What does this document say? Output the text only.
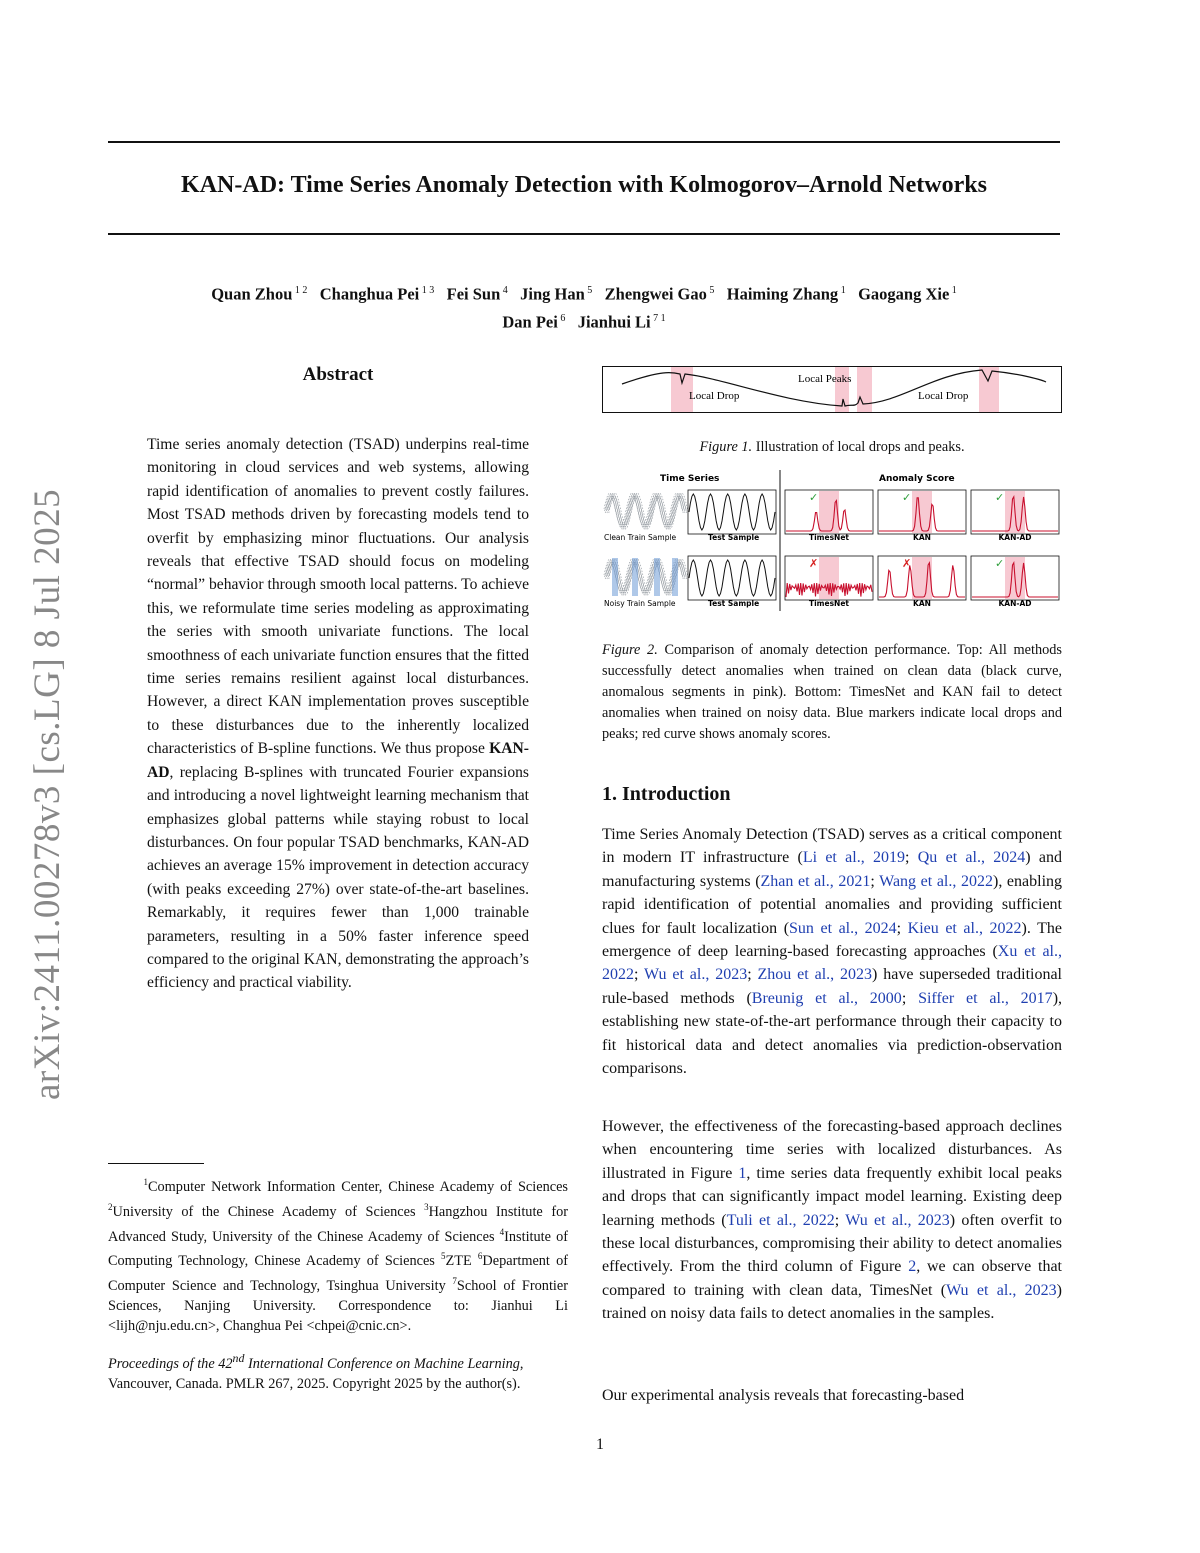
arXiv:2411.00278v3 [cs.LG] 8 Jul 2025
KAN-AD: Time Series Anomaly Detection with Kolmogorov–Arnold Networks
Quan Zhou $^{1 2}$ Changhua Pei $^{1 3}$ Fei Sun $^4$ Jing Han $^5$ Zhengwei Gao $^5$ Haiming Zhang $^1$ Gaogang Xie $^1$
Dan Pei $^6$ Jianhui Li $^{7 1}$
Abstract
Time series anomaly detection (TSAD) underpins real-time monitoring in cloud services and web systems, allowing rapid identification of anomalies to prevent costly failures. Most TSAD methods driven by forecasting models tend to overfit by emphasizing minor fluctuations. Our analysis reveals that effective TSAD should focus on modeling “normal” behavior through smooth local patterns. To achieve this, we reformulate time series modeling as approximating the series with smooth univariate functions. The local smoothness of each univariate function ensures that the fitted time series remains resilient against local disturbances. However, a direct KAN implementation proves susceptible to these disturbances due to the inherently localized characteristics of B-spline functions. We thus propose KAN-AD, replacing B-splines with truncated Fourier expansions and introducing a novel lightweight learning mechanism that emphasizes global patterns while staying robust to local disturbances. On four popular TSAD benchmarks, KAN-AD achieves an average 15% improvement in detection accuracy (with peaks exceeding 27%) over state-of-the-art baselines. Remarkably, it requires fewer than 1,000 trainable parameters, resulting in a 50% faster inference speed compared to the original KAN, demonstrating the approach’s efficiency and practical viability.
$^1$Computer Network Information Center, Chinese Academy of Sciences $^2$University of the Chinese Academy of Sciences $^3$Hangzhou Institute for Advanced Study, University of the Chinese Academy of Sciences $^4$Institute of Computing Technology, Chinese Academy of Sciences $^5$ZTE $^6$Department of Computer Science and Technology, Tsinghua University $^7$School of Frontier Sciences, Nanjing University. Correspondence to: Jianhui Li <lijh@nju.edu.cn>, Changhua Pei <chpei@cnic.cn>.
Proceedings of the 42nd International Conference on Machine Learning, Vancouver, Canada. PMLR 267, 2025. Copyright 2025 by the author(s).
Local Peaks
Local Drop	Local Drop
Figure 1. Illustration of local drops and peaks.
Time Series	Anomaly Score
Clean Train Sample	Test Sample
✓
TimesNet
✓
KAN
✓
KAN-AD
Noisy Train Sample	Test Sample
✗
TimesNet
✗
KAN
✓
KAN-AD
Figure 2. Comparison of anomaly detection performance. Top: All methods successfully detect anomalies when trained on clean data (black curve, anomalous segments in pink). Bottom: TimesNet and KAN fail to detect anomalies when trained on noisy data. Blue markers indicate local drops and peaks; red curve shows anomaly scores.
1. Introduction
Time Series Anomaly Detection (TSAD) serves as a critical component in modern IT infrastructure (Li et al., 2019; Qu et al., 2024) and manufacturing systems (Zhan et al., 2021; Wang et al., 2022), enabling rapid identification of potential anomalies and providing sufficient clues for fault localization (Sun et al., 2024; Kieu et al., 2022). The emergence of deep learning-based forecasting approaches (Xu et al., 2022; Wu et al., 2023; Zhou et al., 2023) have superseded traditional rule-based methods (Breunig et al., 2000; Siffer et al., 2017), establishing new state-of-the-art performance through their capacity to fit historical data and detect anomalies via prediction-observation comparisons.
However, the effectiveness of the forecasting-based approach declines when encountering time series with localized disturbances. As illustrated in Figure 1, time series data frequently exhibit local peaks and drops that can significantly impact model learning. Existing deep learning methods (Tuli et al., 2022; Wu et al., 2023) often overfit to these local disturbances, compromising their ability to detect anomalies effectively. From the third column of Figure 2, we can observe that compared to training with clean data, TimesNet (Wu et al., 2023) trained on noisy data fails to detect anomalies in the samples.
Our experimental analysis reveals that forecasting-based
1
